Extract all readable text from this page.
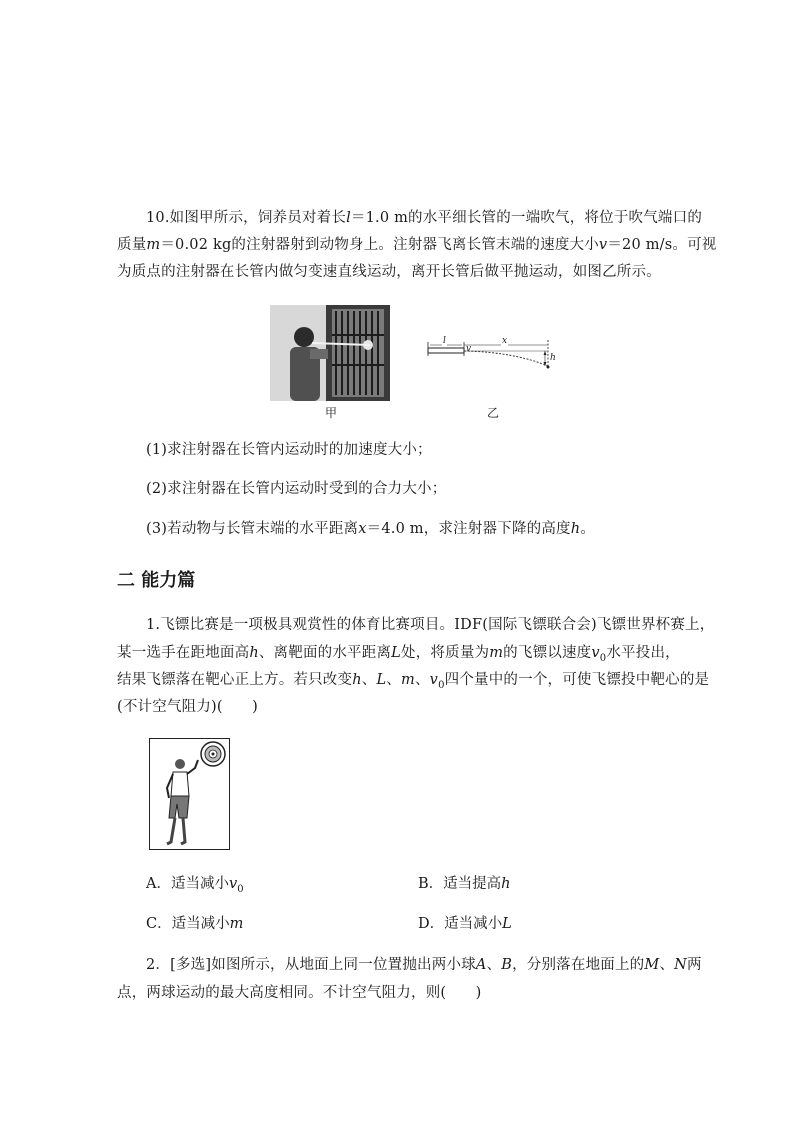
10.如图甲所示，饲养员对着长l＝1.0 m的水平细长管的一端吹气，将位于吹气端口的
质量m＝0.02 kg的注射器射到动物身上。注射器飞离长管末端的速度大小v＝20 m/s。可视
为质点的注射器在长管内做匀变速直线运动，离开长管后做平抛运动，如图乙所示。
甲
l
v
x
h
乙
(1)求注射器在长管内运动时的加速度大小；
(2)求注射器在长管内运动时受到的合力大小；
(3)若动物与长管末端的水平距离x＝4.0 m，求注射器下降的高度h。
二 能力篇
1.飞镖比赛是一项极具观赏性的体育比赛项目。IDF(国际飞镖联合会)飞镖世界杯赛上，
某一选手在距地面高h、离靶面的水平距离L处，将质量为m的飞镖以速度$v_0$水平投出，
结果飞镖落在靶心正上方。若只改变h、L、m、$v_0$四个量中的一个，可使飞镖投中靶心的是
(不计空气阻力)(　　)
A．适当减小$v_0$	B．适当提高h
C．适当减小m	D．适当减小L
2．[多选]如图所示，从地面上同一位置抛出两小球A、B，分别落在地面上的M、N两
点，两球运动的最大高度相同。不计空气阻力，则(　　)
